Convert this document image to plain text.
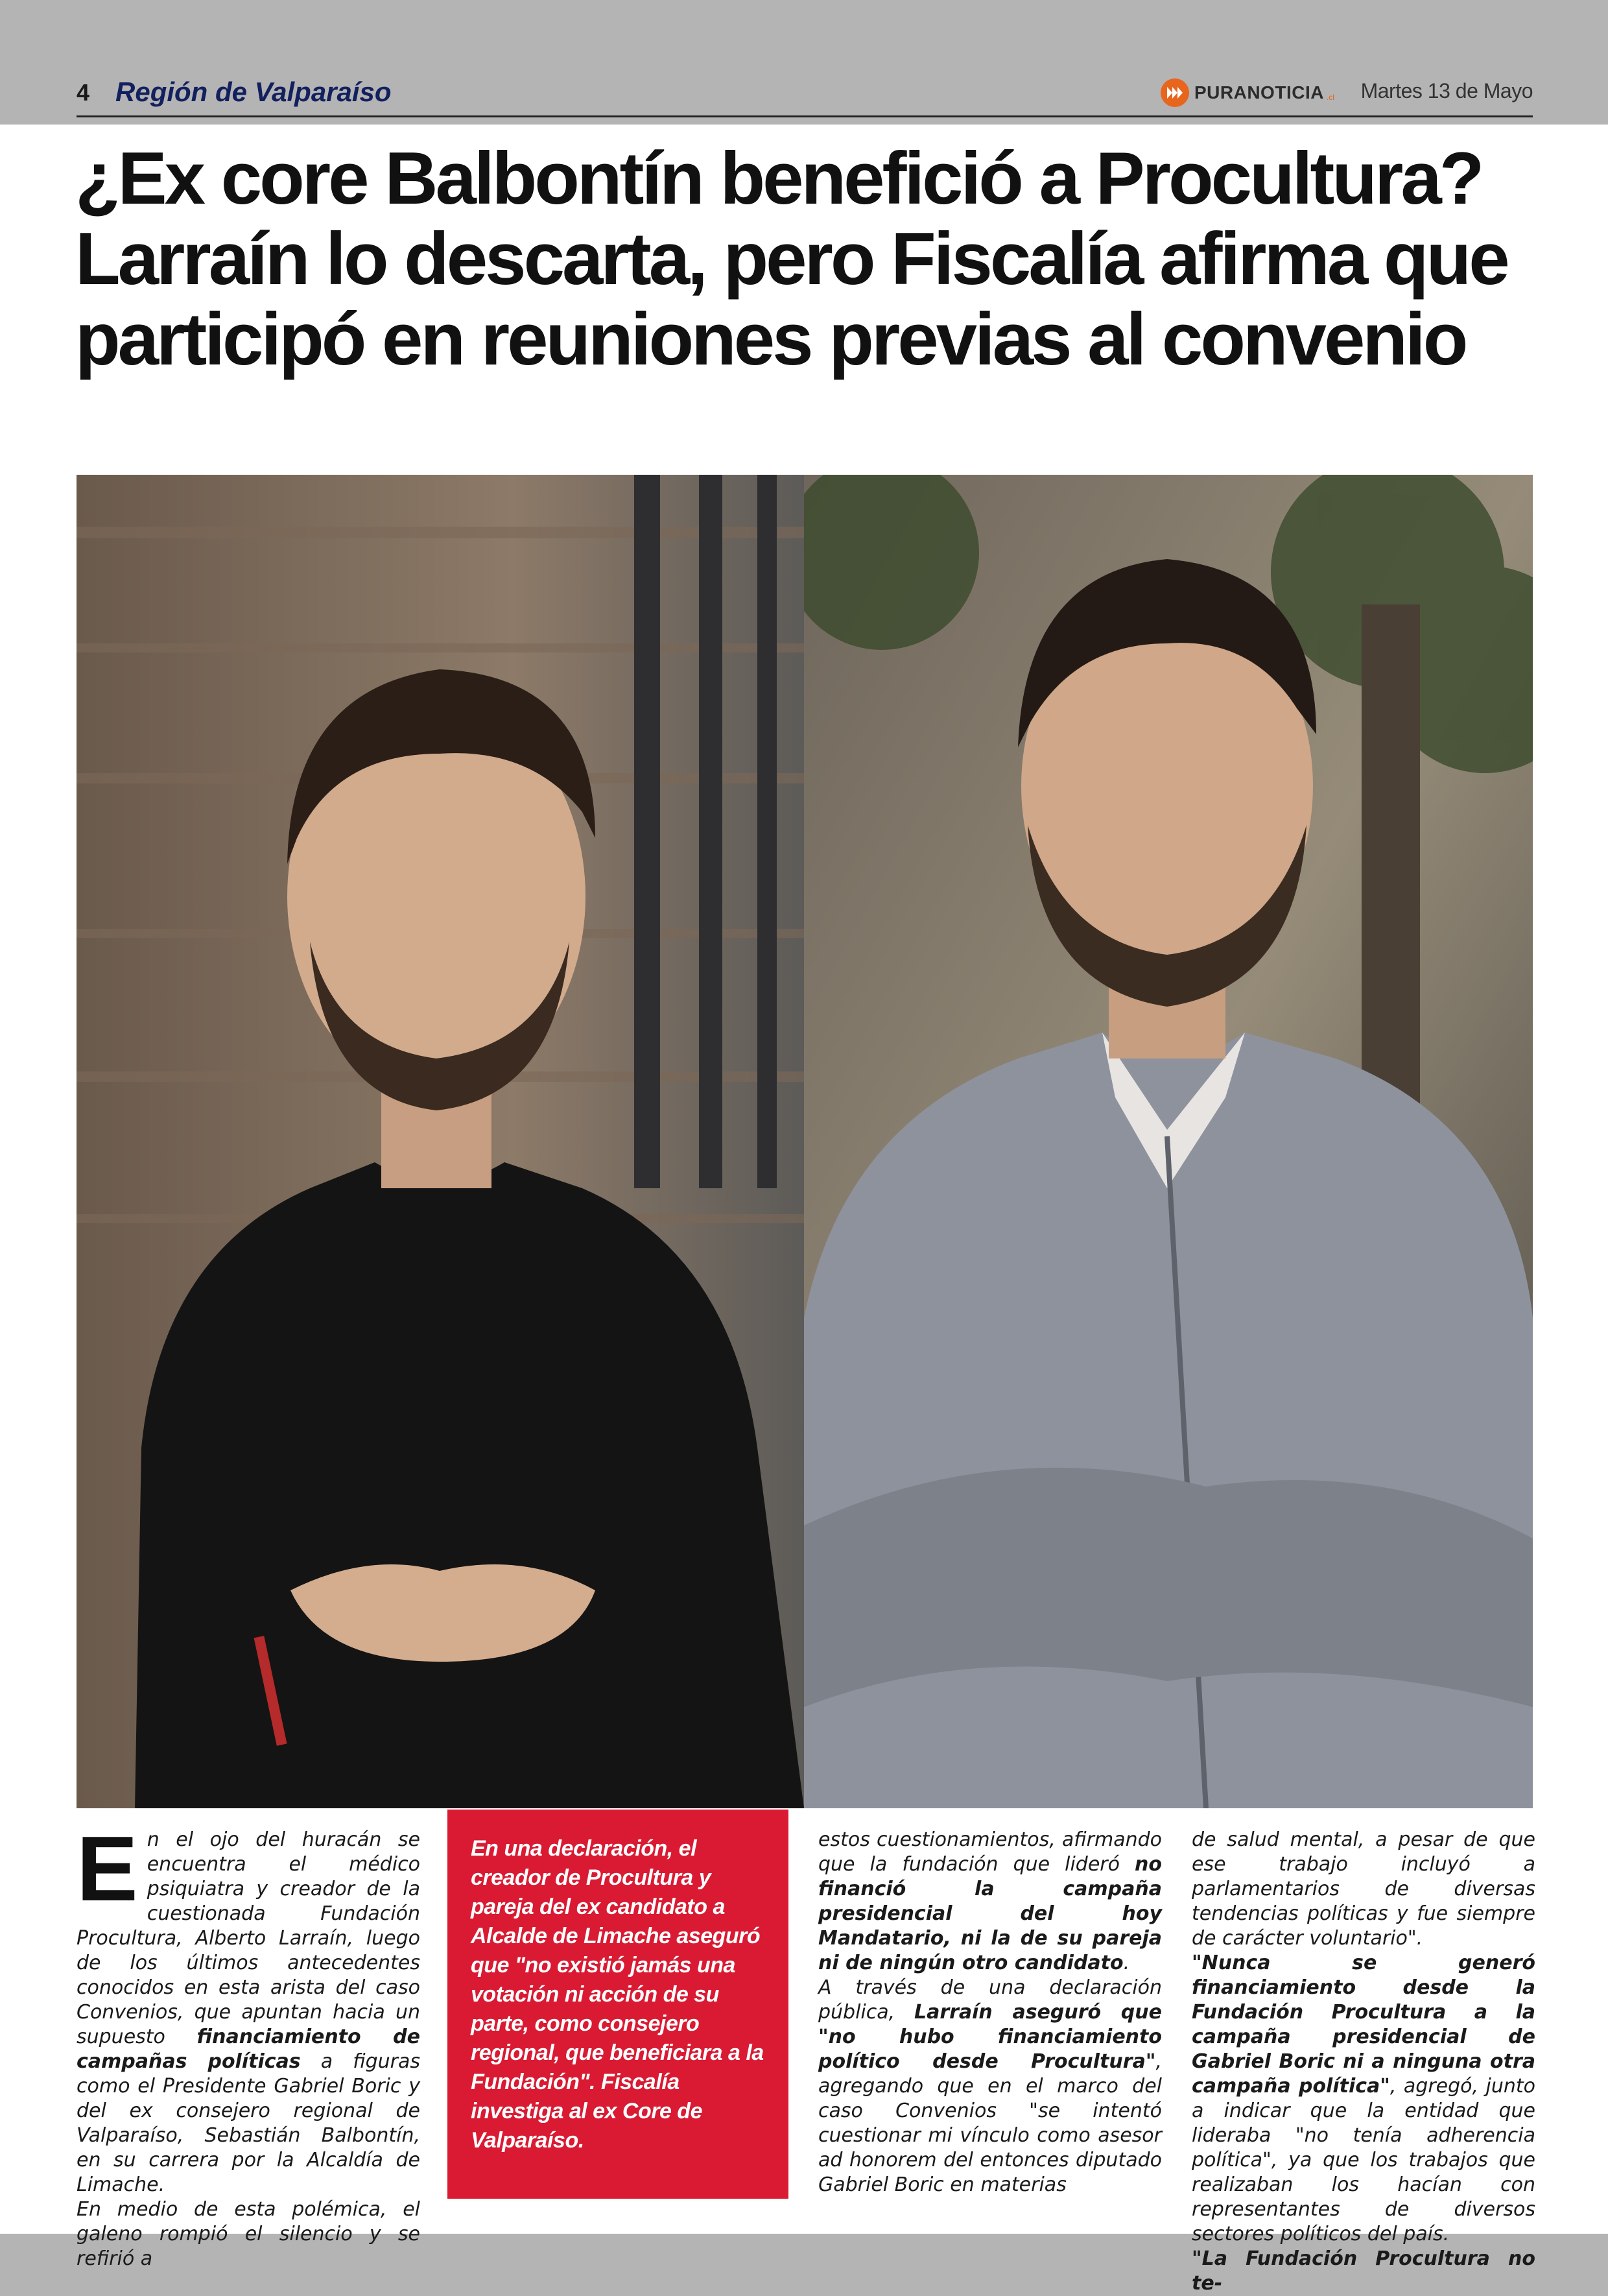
4 Región de Valparaíso	PURANOTICIA .cl Martes 13 de Mayo
¿Ex core Balbontín benefició a Procultura? Larraín lo descarta, pero Fiscalía afirma que participó en reuniones previas al convenio

En el ojo del huracán se encuentra el médico psiquiatra y creador de la cuestionada Fundación Procultura, Alberto Larraín, luego de los últimos antecedentes conocidos en esta arista del caso Convenios, que apuntan hacia un supuesto financiamiento de campañas políticas a figuras como el Presidente Gabriel Boric y del ex consejero regional de Valparaíso, Sebastián Balbontín, en su carrera por la Alcaldía de Limache.

En medio de esta polémica, el galeno rompió el silencio y se refirió a

En una declaración, el creador de Procultura y pareja del ex candidato a Alcalde de Limache aseguró que "no existió jamás una votación ni acción de su parte, como consejero regional, que beneficiara a la Fundación". Fiscalía investiga al ex Core de Valparaíso.

estos cuestionamientos, afirmando que la fundación que lideró no financió la campaña presidencial del hoy Mandatario, ni la de su pareja ni de ningún otro candidato.

A través de una declaración pública, Larraín aseguró que "no hubo financiamiento político desde Procultura", agregando que en el marco del caso Convenios "se intentó cuestionar mi vínculo como asesor ad honorem del entonces diputado Gabriel Boric en materias

de salud mental, a pesar de que ese trabajo incluyó a parlamentarios de diversas tendencias políticas y fue siempre de carácter voluntario".

"Nunca se generó financiamiento desde la Fundación Procultura a la campaña presidencial de Gabriel Boric ni a ninguna otra campaña política", agregó, junto a indicar que la entidad que lideraba "no tenía adherencia política", ya que los trabajos que realizaban los hacían con representantes de diversos sectores políticos del país.

"La Fundación Procultura no te-
